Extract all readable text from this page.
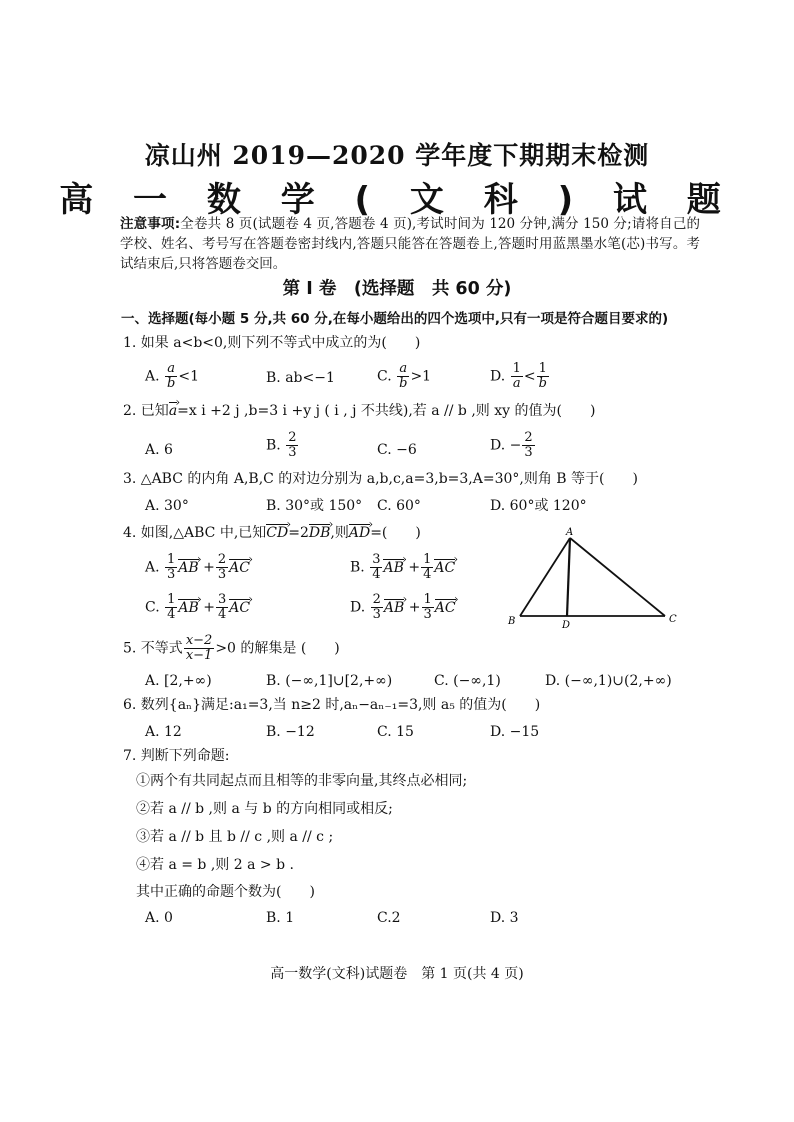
凉山州 2019—2020 学年度下期期末检测
高 一 数 学 ( 文 科 ) 试 题
注意事项:全卷共 8 页(试题卷 4 页,答题卷 4 页),考试时间为 120 分钟,满分 150 分;请将自己的学校、姓名、考号写在答题卷密封线内,答题只能答在答题卷上,答题时用蓝黑墨水笔(芯)书写。考试结束后,只将答题卷交回。
第 Ⅰ 卷　(选择题　共 60 分)
一、选择题(每小题 5 分,共 60 分,在每小题给出的四个选项中,只有一项是符合题目要求的)
1. 如果 a<b<0,则下列不等式中成立的为(　　)
A. $\frac{a}{b} <1$	B. ab<−1	C. $\frac{a}{b} >1$	D. $\frac{1}{a} < \frac{1}{b}$
2. 已知a ›=x i +2 j ,b=3 i +y j ( i , j 不共线),若 a // b ,则 xy 的值为(　　)
A. 6	B. $\frac{2}{3}$	C. −6	D. − $\frac{2}{3}$
3. △ABC 的内角 A,B,C 的对边分别为 a,b,c,a=3,b=3,A=30°,则角 B 等于(　　)
A. 30°	B. 30°或 150° C. 60°	D. 60°或 120°
4. 如图,△ABC 中,已知CD ›=2DB ›,则AD ›=(　　)
A. $\frac{1}{3}$ AB › + $\frac{2}{3}$ AC ›	B. $\frac{3}{4}$ AB › + $\frac{1}{4}$ AC ›
C. $\frac{1}{4}$ AB › + $\frac{3}{4}$ AC ›	D. $\frac{2}{3}$ AB › + $\frac{1}{3}$ AC ›
A
B	C
D
5. 不等式 $\frac{x-2}{x-1} >0$ 的解集是 (　　)
A. [2,+∞)	B. (−∞,1]∪[2,+∞)	C. (−∞,1)	D. (−∞,1)∪(2,+∞)
6. 数列{aₙ}满足:a₁=3,当 n≥2 时,aₙ−aₙ₋₁=3,则 a₅ 的值为(　　)
A. 12	B. −12	C. 15	D. −15
7. 判断下列命题:
①两个有共同起点而且相等的非零向量,其终点必相同;
②若 a // b ,则 a 与 b 的方向相同或相反;
③若 a // b 且 b // c ,则 a // c ;
④若 a = b ,则 2 a > b .
其中正确的命题个数为(　　)
A. 0	B. 1	C.2	D. 3
高一数学(文科)试题卷　第 1 页(共 4 页)
